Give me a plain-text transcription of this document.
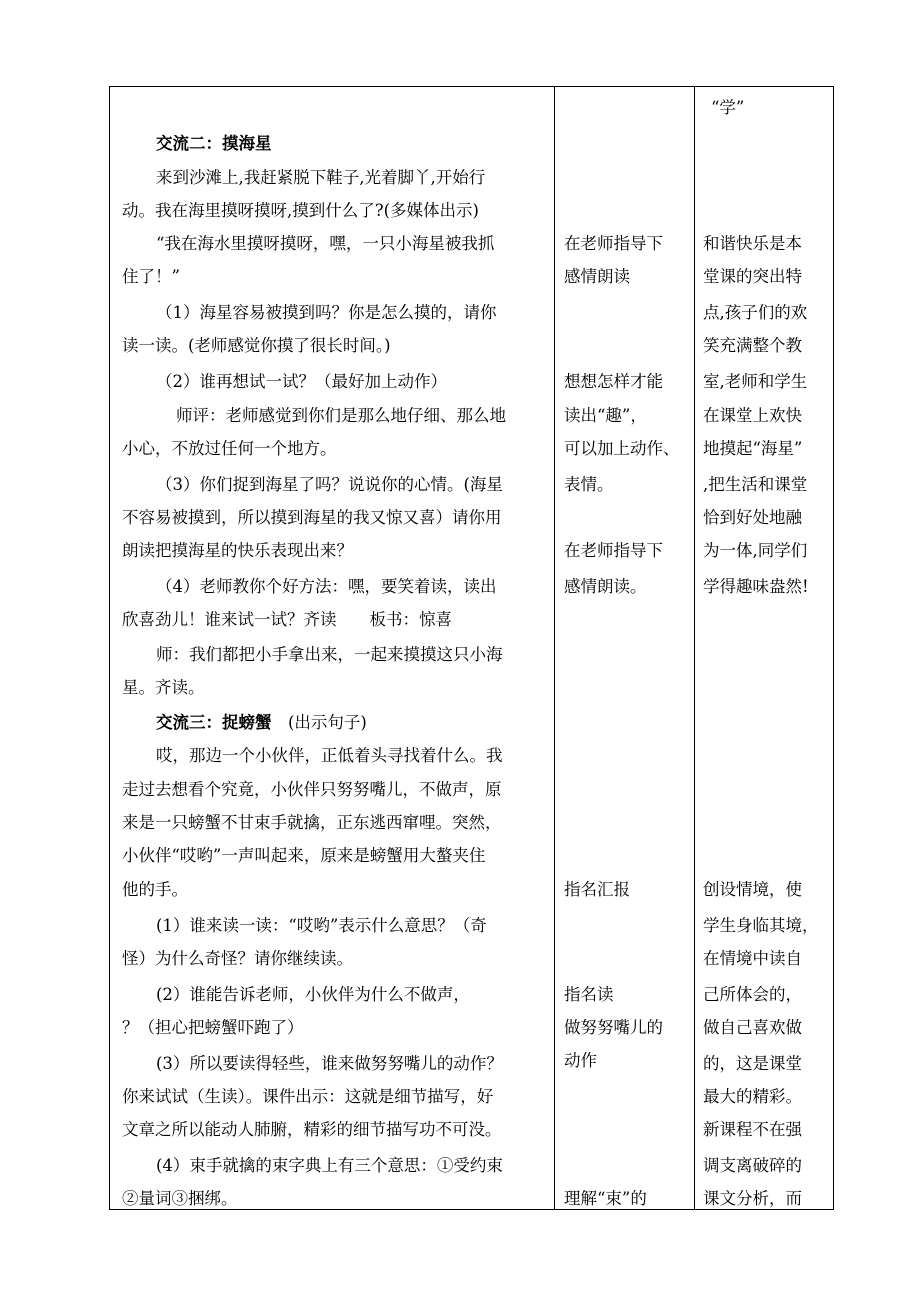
交流二：摸海星
来到沙滩上,我赶紧脱下鞋子,光着脚丫,开始行
动。我在海里摸呀摸呀,摸到什么了?(多媒体出示)
“我在海水里摸呀摸呀，嘿，一只小海星被我抓
住了！”
（1）海星容易被摸到吗？你是怎么摸的，请你
读一读。(老师感觉你摸了很长时间。)
（2）谁再想试一试？（最好加上动作）
师评：老师感觉到你们是那么地仔细、那么地
小心，不放过任何一个地方。
（3）你们捉到海星了吗？说说你的心情。(海星
不容易被摸到，所以摸到海星的我又惊又喜）请你用
朗读把摸海星的快乐表现出来？
（4）老师教你个好方法：嘿，要笑着读，读出
欣喜劲儿！谁来试一试？齐读　　板书：惊喜
师：我们都把小手拿出来，一起来摸摸这只小海
星。齐读。
交流三：捉螃蟹 (出示句子)
哎，那边一个小伙伴，正低着头寻找着什么。我
走过去想看个究竟，小伙伴只努努嘴儿，不做声，原
来是一只螃蟹不甘束手就擒，正东逃西窜哩。突然，
小伙伴“哎哟”一声叫起来，原来是螃蟹用大螯夹住
他的手。
(1）谁来读一读：“哎哟”表示什么意思？（奇
怪）为什么奇怪？请你继续读。
(2）谁能告诉老师，小伙伴为什么不做声，
？（担心把螃蟹吓跑了）
(3）所以要读得轻些，谁来做努努嘴儿的动作？
你来试试（生读）。课件出示：这就是细节描写，好
文章之所以能动人肺腑，精彩的细节描写功不可没。
(4）束手就擒的束字典上有三个意思：①受约束
②量词③捆绑。
在老师指导下
感情朗读
想想怎样才能
读出“趣”，
可以加上动作、
表情。
在老师指导下
感情朗读。
指名汇报
指名读
做努努嘴儿的
动作
理解“束”的
“学”
和谐快乐是本
堂课的突出特
点,孩子们的欢
笑充满整个教
室,老师和学生
在课堂上欢快
地摸起“海星”
,把生活和课堂
恰到好处地融
为一体,同学们
学得趣味盎然!
创设情境，使
学生身临其境，
在情境中读自
己所体会的，
做自己喜欢做
的，这是课堂
最大的精彩。
新课程不在强
调支离破碎的
课文分析，而
